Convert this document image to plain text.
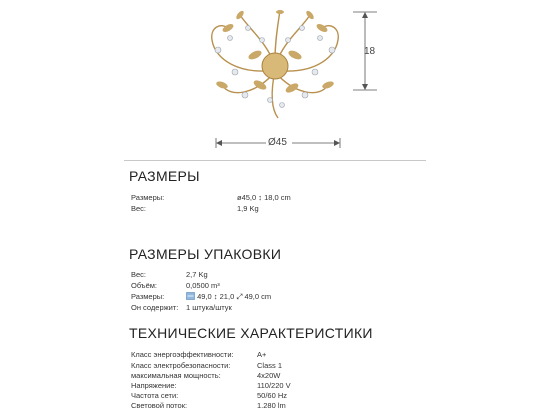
18
Ø45
РАЗМЕРЫ
Размеры:	ø45,0 ↕ 18,0 cm
Вес:	1,9 Kg
РАЗМЕРЫ УПАКОВКИ
Вес:	2,7 Kg
Объём:	0,0500 m³
Размеры:	49,0 ↕ 21,0 ⤢ 49,0 cm
Он содержит: 1 штука/штук
ТЕХНИЧЕСКИЕ ХАРАКТЕРИСТИКИ
Класс энергоэффективности:	A+
Класс электробезопасности:	Class 1
максимальная мощность:	4x20W
Напряжение:	110/220 V
Частота сети:	50/60 Hz
Световой поток:	1.280 lm
